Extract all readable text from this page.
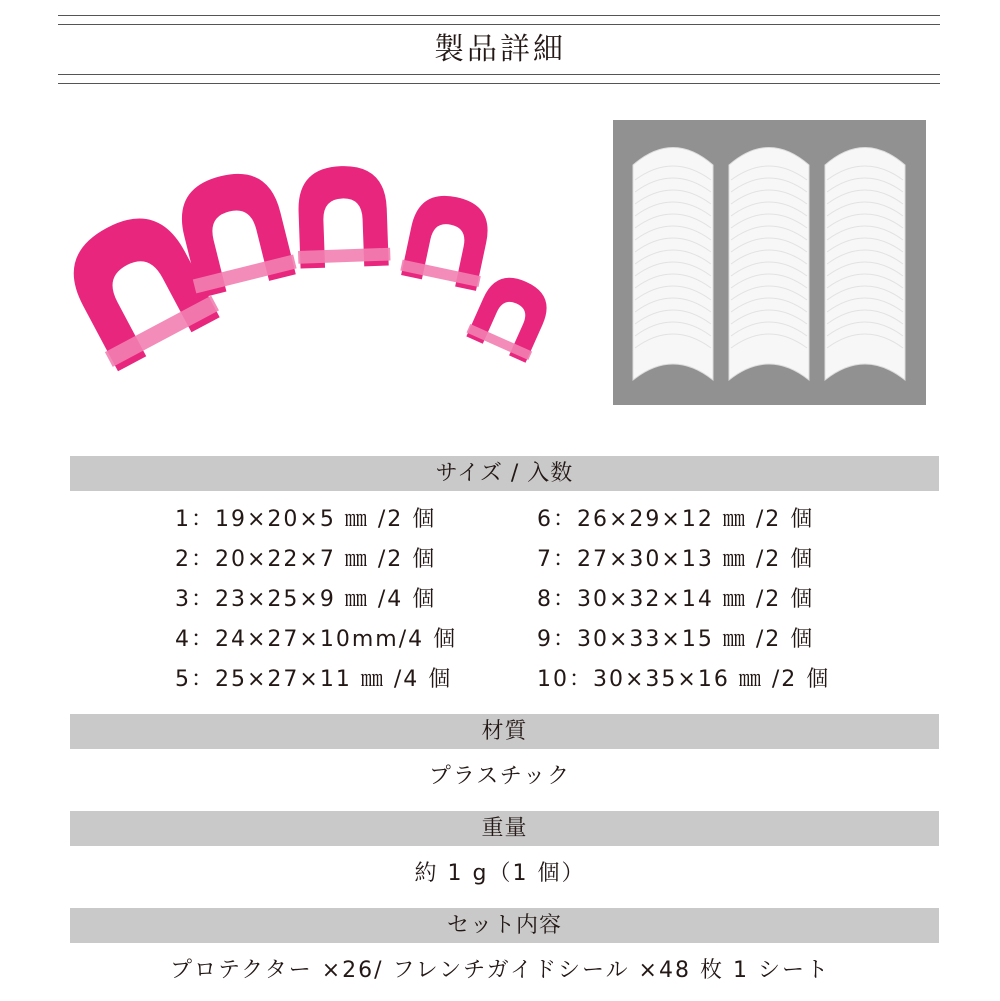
製品詳細
サイズ / 入数
1：19×20×5 ㎜ /2 個
2：20×22×7 ㎜ /2 個
3：23×25×9 ㎜ /4 個
4：24×27×10mm/4 個
5：25×27×11 ㎜ /4 個
6：26×29×12 ㎜ /2 個
7：27×30×13 ㎜ /2 個
8：30×32×14 ㎜ /2 個
9：30×33×15 ㎜ /2 個
10：30×35×16 ㎜ /2 個
材質
プラスチック
重量
約 1 g（1 個）
セット内容
プロテクター ×26/ フレンチガイドシール ×48 枚 1 シート
